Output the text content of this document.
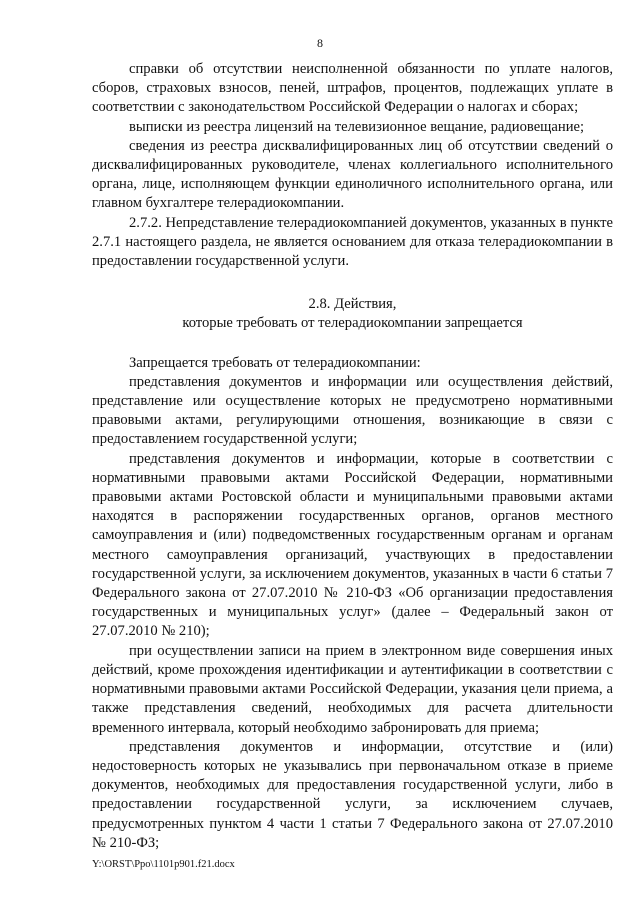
8

справки об отсутствии неисполненной обязанности по уплате налогов, сборов, страховых взносов, пеней, штрафов, процентов, подлежащих уплате в соответствии с законодательством Российской Федерации о налогах и сборах;

выписки из реестра лицензий на телевизионное вещание, радиовещание;

сведения из реестра дисквалифицированных лиц об отсутствии сведений о дисквалифицированных руководителе, членах коллегиального исполнительного органа, лице, исполняющем функции единоличного исполнительного органа, или главном бухгалтере телерадиокомпании.

2.7.2. Непредставление телерадиокомпанией документов, указанных в пункте 2.7.1 настоящего раздела, не является основанием для отказа телерадиокомпании в предоставлении государственной услуги.

2.8. Действия,
которые требовать от телерадиокомпании запрещается

Запрещается требовать от телерадиокомпании:

представления документов и информации или осуществления действий, представление или осуществление которых не предусмотрено нормативными правовыми актами, регулирующими отношения, возникающие в связи с предоставлением государственной услуги;

представления документов и информации, которые в соответствии с нормативными правовыми актами Российской Федерации, нормативными правовыми актами Ростовской области и муниципальными правовыми актами находятся в распоряжении государственных органов, органов местного самоуправления и (или) подведомственных государственным органам и органам местного самоуправления организаций, участвующих в предоставлении государственной услуги, за исключением документов, указанных в части 6 статьи 7 Федерального закона от 27.07.2010 № 210-ФЗ «Об организации предоставления государственных и муниципальных услуг» (далее – Федеральный закон от 27.07.2010 № 210);

при осуществлении записи на прием в электронном виде совершения иных действий, кроме прохождения идентификации и аутентификации в соответствии с нормативными правовыми актами Российской Федерации, указания цели приема, а также представления сведений, необходимых для расчета длительности временного интервала, который необходимо забронировать для приема;

представления документов и информации, отсутствие и (или) недостоверность которых не указывались при первоначальном отказе в приеме документов, необходимых для предоставления государственной услуги, либо в предоставлении государственной услуги, за исключением случаев, предусмотренных пунктом 4 части 1 статьи 7 Федерального закона от 27.07.2010 № 210-ФЗ;

Y:\ORST\Ppo\1101p901.f21.docx
